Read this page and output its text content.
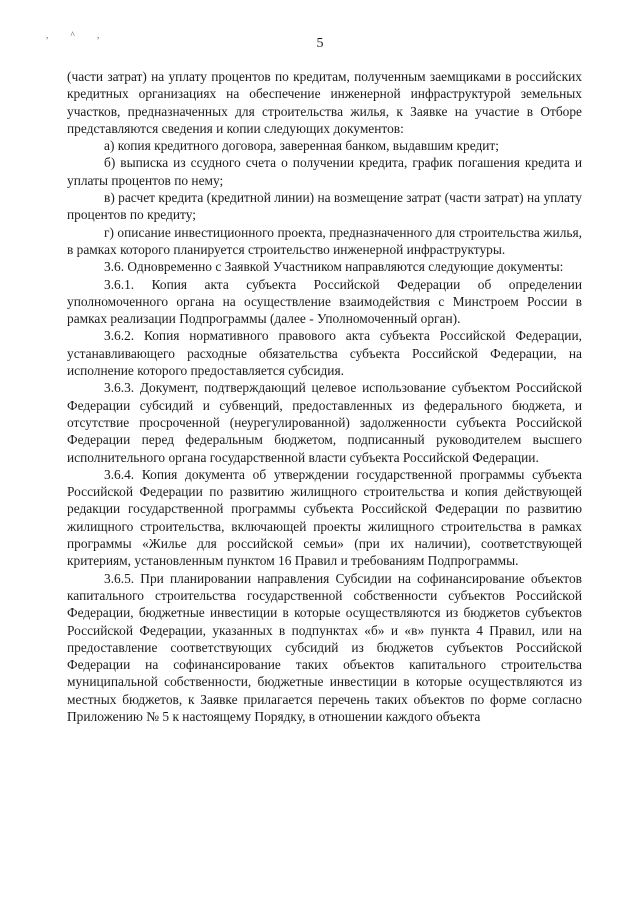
, ^ ,
5

(части затрат) на уплату процентов по кредитам, полученным заемщиками в российских кредитных организациях на обеспечение инженерной инфраструктурой земельных участков, предназначенных для строительства жилья, к Заявке на участие в Отборе представляются сведения и копии следующих документов:

а) копия кредитного договора, заверенная банком, выдавшим кредит;

б) выписка из ссудного счета о получении кредита, график погашения кредита и уплаты процентов по нему;

в) расчет кредита (кредитной линии) на возмещение затрат (части затрат) на уплату процентов по кредиту;

г) описание инвестиционного проекта, предназначенного для строительства жилья, в рамках которого планируется строительство инженерной инфраструктуры.

3.6. Одновременно с Заявкой Участником направляются следующие документы:

3.6.1. Копия акта субъекта Российской Федерации об определении уполномоченного органа на осуществление взаимодействия с Минстроем России в рамках реализации Подпрограммы (далее - Уполномоченный орган).

3.6.2. Копия нормативного правового акта субъекта Российской Федерации, устанавливающего расходные обязательства субъекта Российской Федерации, на исполнение которого предоставляется субсидия.

3.6.3. Документ, подтверждающий целевое использование субъектом Российской Федерации субсидий и субвенций, предоставленных из федерального бюджета, и отсутствие просроченной (неурегулированной) задолженности субъекта Российской Федерации перед федеральным бюджетом, подписанный руководителем высшего исполнительного органа государственной власти субъекта Российской Федерации.

3.6.4. Копия документа об утверждении государственной программы субъекта Российской Федерации по развитию жилищного строительства и копия действующей редакции государственной программы субъекта Российской Федерации по развитию жилищного строительства, включающей проекты жилищного строительства в рамках программы «Жилье для российской семьи» (при их наличии), соответствующей критериям, установленным пунктом 16 Правил и требованиям Подпрограммы.

3.6.5. При планировании направления Субсидии на софинансирование объектов капитального строительства государственной собственности субъектов Российской Федерации, бюджетные инвестиции в которые осуществляются из бюджетов субъектов Российской Федерации, указанных в подпунктах «б» и «в» пункта 4 Правил, или на предоставление соответствующих субсидий из бюджетов субъектов Российской Федерации на софинансирование таких объектов капитального строительства муниципальной собственности, бюджетные инвестиции в которые осуществляются из местных бюджетов, к Заявке прилагается перечень таких объектов по форме согласно Приложению № 5 к настоящему Порядку, в отношении каждого объекта
